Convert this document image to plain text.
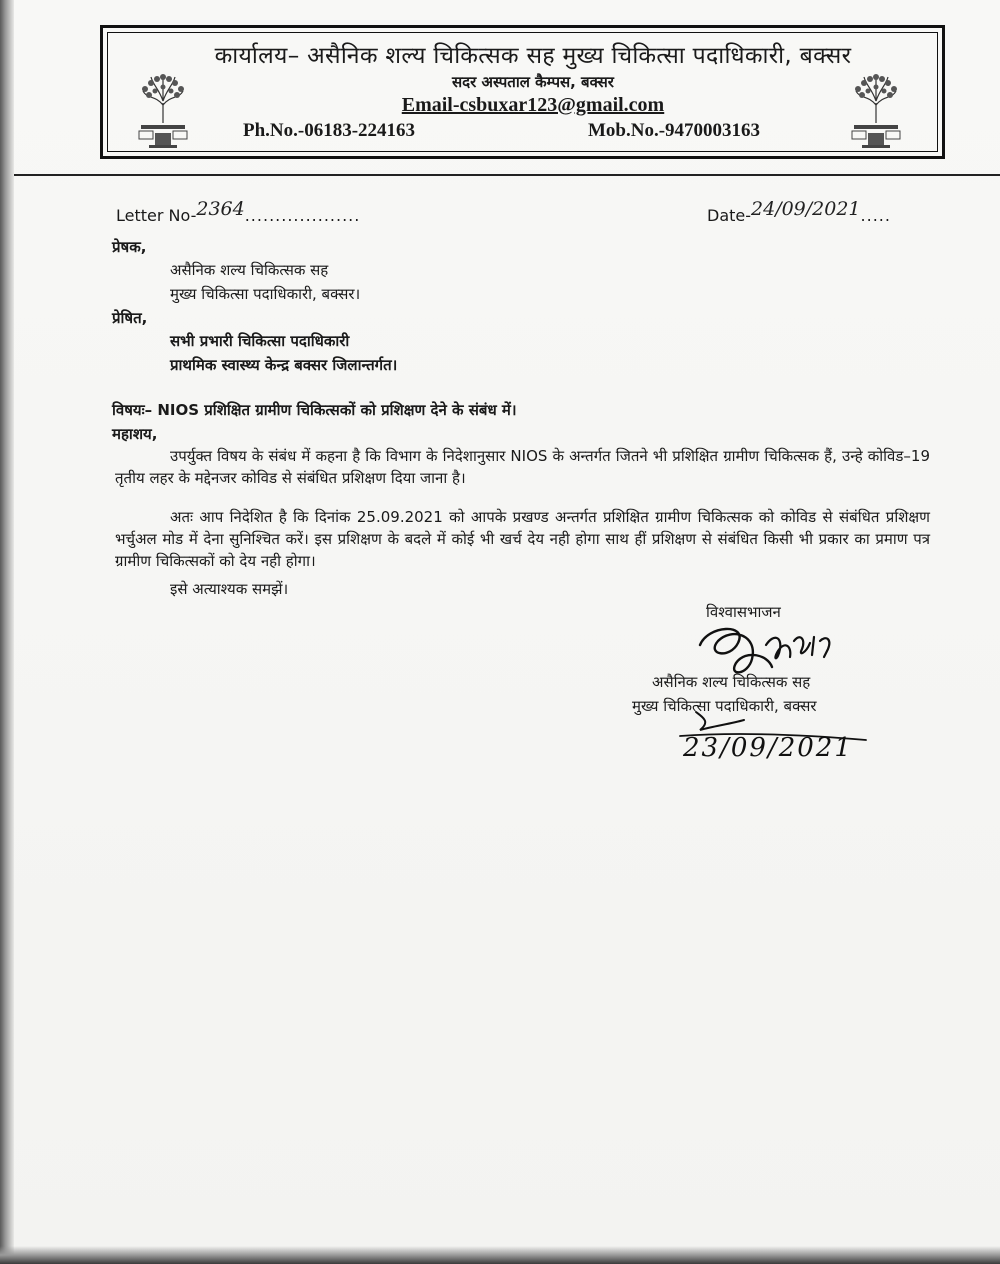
कार्यालय– असैनिक शल्य चिकित्सक सह मुख्य चिकित्सा पदाधिकारी, बक्सर
सदर अस्पताल कैम्पस, बक्सर
Email-csbuxar123@gmail.com
Ph.No.-06183-224163	Mob.No.-9470003163
Letter No-2364...................	Date-24/09/2021.....
प्रेषक,
असैनिक शल्य चिकित्सक सह
मुख्य चिकित्सा पदाधिकारी, बक्सर।
प्रेषित,
सभी प्रभारी चिकित्सा पदाधिकारी
प्राथमिक स्वास्थ्य केन्द्र बक्सर जिलान्तर्गत।
विषयः– NIOS प्रशिक्षित ग्रामीण चिकित्सकों को प्रशिक्षण देने के संबंध में।
महाशय,
उपर्युक्त विषय के संबंध में कहना है कि विभाग के निदेशानुसार NIOS के अन्तर्गत जितने भी प्रशिक्षित ग्रामीण चिकित्सक हैं, उन्हे कोविड–19 तृतीय लहर के मद्देनजर कोविड से संबंधित प्रशिक्षण दिया जाना है।
अतः आप निदेशित है कि दिनांक 25.09.2021 को आपके प्रखण्ड अन्तर्गत प्रशिक्षित ग्रामीण चिकित्सक को कोविड से संबंधित प्रशिक्षण भर्चुअल मोड में देना सुनिश्चित करें। इस प्रशिक्षण के बदले में कोई भी खर्च देय नही होगा साथ हीं प्रशिक्षण से संबंधित किसी भी प्रकार का प्रमाण पत्र ग्रामीण चिकित्सकों को देय नही होगा।
इसे अत्याश्यक समझें।
विश्वासभाजन
असैनिक शल्य चिकित्सक सह
मुख्य चिकित्सा पदाधिकारी, बक्सर
23/09/2021
